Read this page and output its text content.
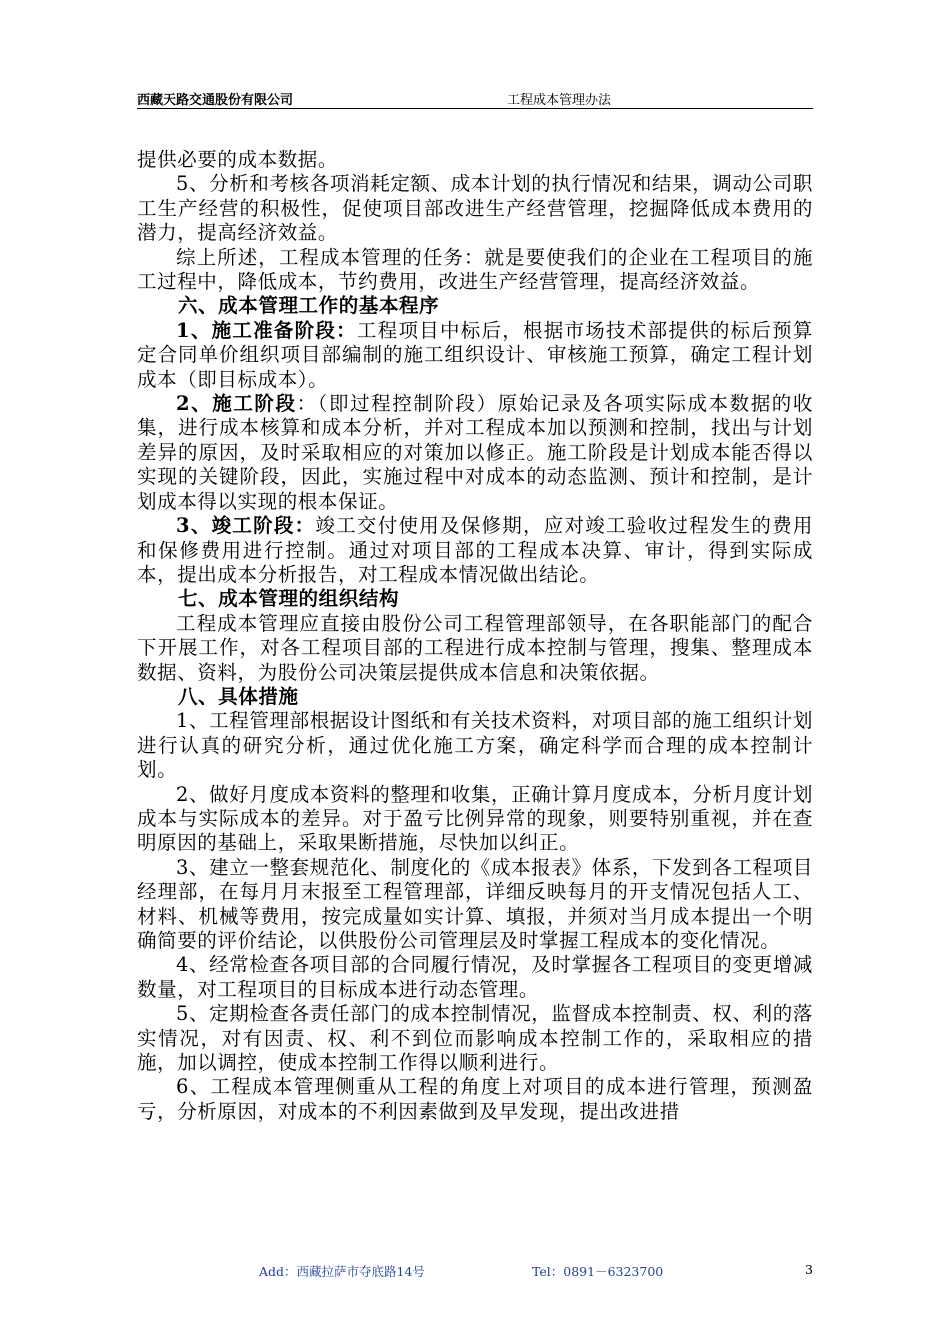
西藏天路交通股份有限公司	工程成本管理办法

提供必要的成本数据。

5、分析和考核各项消耗定额、成本计划的执行情况和结果，调动公司职工生产经营的积极性，促使项目部改进生产经营管理，挖掘降低成本费用的潜力，提高经济效益。

综上所述，工程成本管理的任务：就是要使我们的企业在工程项目的施工过程中，降低成本，节约费用，改进生产经营管理，提高经济效益。

六、成本管理工作的基本程序

1、施工准备阶段：工程项目中标后，根据市场技术部提供的标后预算定合同单价组织项目部编制的施工组织设计、审核施工预算，确定工程计划成本（即目标成本）。

2、施工阶段：（即过程控制阶段）原始记录及各项实际成本数据的收集，进行成本核算和成本分析，并对工程成本加以预测和控制，找出与计划差异的原因，及时采取相应的对策加以修正。施工阶段是计划成本能否得以实现的关键阶段，因此，实施过程中对成本的动态监测、预计和控制，是计划成本得以实现的根本保证。

3、竣工阶段：竣工交付使用及保修期，应对竣工验收过程发生的费用和保修费用进行控制。通过对项目部的工程成本决算、审计，得到实际成本，提出成本分析报告，对工程成本情况做出结论。

七、成本管理的组织结构

工程成本管理应直接由股份公司工程管理部领导，在各职能部门的配合下开展工作，对各工程项目部的工程进行成本控制与管理，搜集、整理成本数据、资料，为股份公司决策层提供成本信息和决策依据。

八、具体措施

1、工程管理部根据设计图纸和有关技术资料，对项目部的施工组织计划进行认真的研究分析，通过优化施工方案，确定科学而合理的成本控制计划。

2、做好月度成本资料的整理和收集，正确计算月度成本，分析月度计划成本与实际成本的差异。对于盈亏比例异常的现象，则要特别重视，并在查明原因的基础上，采取果断措施，尽快加以纠正。

3、建立一整套规范化、制度化的《成本报表》体系，下发到各工程项目经理部，在每月月末报至工程管理部，详细反映每月的开支情况包括人工、材料、机械等费用，按完成量如实计算、填报，并须对当月成本提出一个明确简要的评价结论，以供股份公司管理层及时掌握工程成本的变化情况。

4、经常检查各项目部的合同履行情况，及时掌握各工程项目的变更增减数量，对工程项目的目标成本进行动态管理。

5、定期检查各责任部门的成本控制情况，监督成本控制责、权、利的落实情况，对有因责、权、利不到位而影响成本控制工作的，采取相应的措施，加以调控，使成本控制工作得以顺利进行。

6、工程成本管理侧重从工程的角度上对项目的成本进行管理，预测盈亏，分析原因，对成本的不利因素做到及早发现，提出改进措

Add：西藏拉萨市夺底路14号	Tel：0891－6323700	3
